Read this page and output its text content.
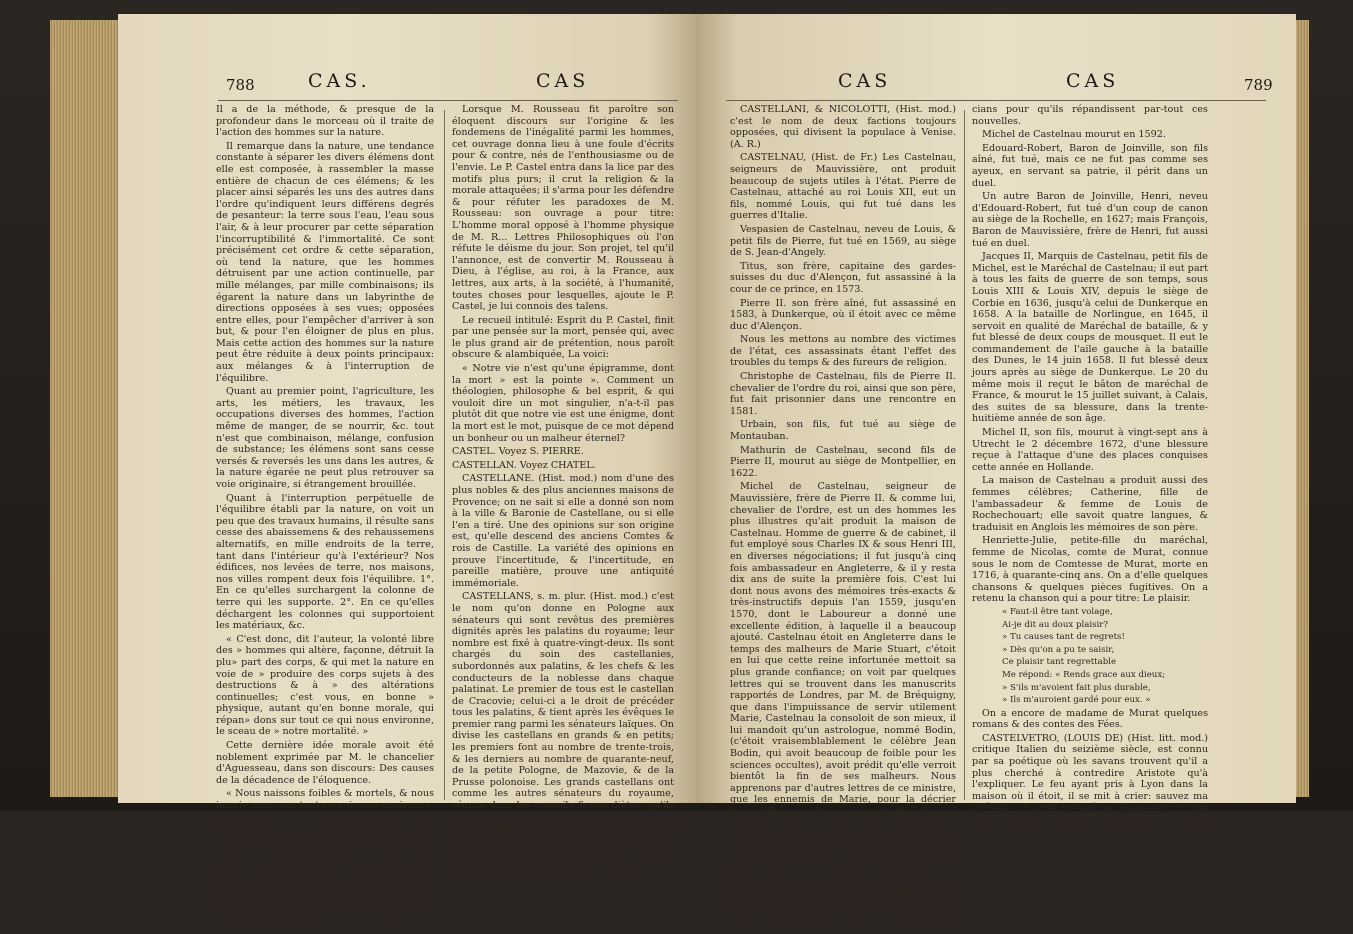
788	CAS.	CAS

Il a de la méthode, & presque de la profondeur dans le morceau où il traite de l'action des hommes sur la nature.

Il remarque dans la nature, une tendance constante à séparer les divers élémens dont elle est composée, à rassembler la masse entière de chacun de ces élémens; & les placer ainsi séparés les uns des autres dans l'ordre qu'indiquent leurs différens degrés de pesanteur: la terre sous l'eau, l'eau sous l'air, & à leur procurer par cette séparation l'incorruptibilité & l'immortalité. Ce sont précisément cet ordre & cette séparation, où tend la nature, que les hommes détruisent par une action continuelle, par mille mélanges, par mille combinaisons; ils égarent la nature dans un labyrinthe de directions opposées à ses vues; opposées entre elles, pour l'empêcher d'arriver à son but, & pour l'en éloigner de plus en plus. Mais cette action des hommes sur la nature peut être réduite à deux points principaux: aux mélanges & à l'interruption de l'équilibre.

Quant au premier point, l'agriculture, les arts, les métiers, les travaux, les occupations diverses des hommes, l'action même de manger, de se nourrir, &c. tout n'est que combinaison, mélange, confusion de substance; les élémens sont sans cesse versés & reversés les uns dans les autres, & la nature égarée ne peut plus retrouver sa voie originaire, si étrangement brouillée.

Quant à l'interruption perpétuelle de l'équilibre établi par la nature, on voit un peu que des travaux humains, il résulte sans cesse des abaissemens & des rehaussemens alternatifs, en mille endroits de la terre, tant dans l'intérieur qu'à l'extérieur? Nos édifices, nos levées de terre, nos maisons, nos villes rompent deux fois l'équilibre. 1°. En ce qu'elles surchargent la colonne de terre qui les supporte. 2°. En ce qu'elles déchargent les colonnes qui supportoient les matériaux, &c.

« C'est donc, dit l'auteur, la volonté libre des » hommes qui altère, façonne, détruit la plu» part des corps, & qui met la nature en voie de » produire des corps sujets à des destructions & à » des altérations continuelles; c'est vous, en bonne » physique, autant qu'en bonne morale, qui répan» dons sur tout ce qui nous environne, le sceau de » notre mortalité. »

Cette dernière idée morale avoit été noblement exprimée par M. le chancelier d'Aguesseau, dans son discours: Des causes de la décadence de l'éloquence.

« Nous naissons foibles & mortels, & nous impri» mons sur tout ce qui nous environne, le caractère de notre foiblesse & l'image de notre mort.

Dans un parallèle de Bayle & de M. Rousseau de Genève, le P. Castel dit, que Bayle va à l'esprit par le cœur, & que Rousseau va au cœur par l'esprit. On ne peut guère plus mal caractériser ces deux écrivains; Bayle ne dit rien & ne veut rien dire au cœur, & Rousseau parle à la fois & au cœur & à l'esprit.

Lorsque M. Rousseau fit paroître son éloquent discours sur l'origine & les fondemens de l'inégalité parmi les hommes, cet ouvrage donna lieu à une foule d'écrits pour & contre, nés de l'enthousiasme ou de l'envie. Le P. Castel entra dans la lice par des motifs plus purs; il crut la religion & la morale attaquées; il s'arma pour les défendre & pour réfuter les paradoxes de M. Rousseau: son ouvrage a pour titre: L'homme moral opposé à l'homme physique de M. R... Lettres Philosophiques où l'on réfute le déisme du jour. Son projet, tel qu'il l'annonce, est de convertir M. Rousseau à Dieu, à l'église, au roi, à la France, aux lettres, aux arts, à la société, à l'humanité, toutes choses pour lesquelles, ajoute le P. Castel, je lui connois des talens.

Le recueil intitulé: Esprit du P. Castel, finit par une pensée sur la mort, pensée qui, avec le plus grand air de prétention, nous paroît obscure & alambiquée, La voici:

« Notre vie n'est qu'une épigramme, dont la mort » est la pointe ». Comment un théologien, philosophe & bel esprit, & qui vouloit dire un mot singulier, n'a-t-il pas plutôt dit que notre vie est une énigme, dont la mort est le mot, puisque de ce mot dépend un bonheur ou un malheur éternel?

CASTEL. Voyez S. PIERRE.

CASTELLAN. Voyez CHATEL.

CASTELLANE. (Hist. mod.) nom d'une des plus nobles & des plus anciennes maisons de Provence; on ne sait si elle a donné son nom à la ville & Baronie de Castellane, ou si elle l'en a tiré. Une des opinions sur son origine est, qu'elle descend des anciens Comtes & rois de Castille. La variété des opinions en prouve l'incertitude, & l'incertitude, en pareille matière, prouve une antiquité immémoriale.

CASTELLANS, s. m. plur. (Hist. mod.) c'est le nom qu'on donne en Pologne aux sénateurs qui sont revêtus des premières dignités après les palatins du royaume; leur nombre est fixé à quatre-vingt-deux. Ils sont chargés du soin des castellanies, subordonnés aux palatins, & les chefs & les conducteurs de la noblesse dans chaque palatinat. Le premier de tous est le castellan de Cracovie; celui-ci a le droit de précéder tous les palatins, & tient après les évêques le premier rang parmi les sénateurs laïques. On divise les castellans en grands & en petits; les premiers font au nombre de trente-trois, & les derniers au nombre de quarante-neuf, de la petite Pologne, de Mazovie, & de la Prusse polonoise. Les grands castellans ont comme les autres sénateurs du royaume, séance dans les conseils & aux diètes, qu'ils ont le droit de convoquer; ils administrent la justice dans leurs districts, ont l'intendance sur les poids & mesures, fixent le prix des grains & denrées, & font les juges des Juifs. Mais les petits castellans n'ont ni séance, ni voix délibérative dans les affaires d'état.

CAS	CAS	789

CASTELLANI, & NICOLOTTI, (Hist. mod.) c'est le nom de deux factions toujours opposées, qui divisent la populace à Venise. (A. R.)

CASTELNAU, (Hist. de Fr.) Les Castelnau, seigneurs de Mauvissière, ont produit beaucoup de sujets utiles à l'état. Pierre de Castelnau, attaché au roi Louis XII, eut un fils, nommé Louis, qui fut tué dans les guerres d'Italie.

Vespasien de Castelnau, neveu de Louis, & petit fils de Pierre, fut tué en 1569, au siège de S. Jean-d'Angely.

Titus, son frère, capitaine des gardes-suisses du duc d'Alençon, fut assassiné à la cour de ce prince, en 1573.

Pierre II. son frère aîné, fut assassiné en 1583, à Dunkerque, où il étoit avec ce même duc d'Alençon.

Nous les mettons au nombre des victimes de l'état, ces assassinats étant l'effet des troubles du temps & des fureurs de religion.

Christophe de Castelnau, fils de Pierre II. chevalier de l'ordre du roi, ainsi que son père, fut fait prisonnier dans une rencontre en 1581.

Urbain, son fils, fut tué au siège de Montauban.

Mathurin de Castelnau, second fils de Pierre II, mourut au siège de Montpellier, en 1622.

Michel de Castelnau, seigneur de Mauvissière, frère de Pierre II. & comme lui, chevalier de l'ordre, est un des hommes les plus illustres qu'ait produit la maison de Castelnau. Homme de guerre & de cabinet, il fut employé sous Charles IX & sous Henri III, en diverses négociations; il fut jusqu'à cinq fois ambassadeur en Angleterre, & il y resta dix ans de suite la première fois. C'est lui dont nous avons des mémoires très-exacts & très-instructifs depuis l'an 1559, jusqu'en 1570, dont le Laboureur a donné une excellente édition, à laquelle il a beaucoup ajouté. Castelnau étoit en Angleterre dans le temps des malheurs de Marie Stuart, c'étoit en lui que cette reine infortunée mettoit sa plus grande confiance; on voit par quelques lettres qui se trouvent dans les manuscrits rapportés de Londres, par M. de Bréquigny, que dans l'impuissance de servir utilement Marie, Castelnau la consoloit de son mieux, il lui mandoit qu'un astrologue, nommé Bodin, (c'étoit vraisemblablement le célèbre Jean Bodin, qui avoit beaucoup de foible pour les sciences occultes), avoit prédit qu'elle verroit bientôt la fin de ses malheurs. Nous apprenons par d'autres lettres de ce ministre, que les ennemis de Marie, pour la décrier dans l'Europe, & lui faire perdre l'appui même des puissances catholiques, répandoient contre elles les calomnies les plus atroces & les plus indécentes; ils publioient tantôt qu'elle étoit grosse, tantôt qu'elle venoit d'accoucher. Castelnau atteste que ces propos avoient été tenus à l'ambassadeur d'Espagne & à l'archevêque de S. André, qui lui en avoient parlé à lui-même on les avoit tenus aussi aux banquiers & négo-

cians pour qu'ils répandissent par-tout ces nouvelles.

Michel de Castelnau mourut en 1592.

Edouard-Robert, Baron de Joinville, son fils aîné, fut tué, mais ce ne fut pas comme ses ayeux, en servant sa patrie, il périt dans un duel.

Un autre Baron de Joinville, Henri, neveu d'Edouard-Robert, fut tué d'un coup de canon au siège de la Rochelle, en 1627; mais François, Baron de Mauvissière, frère de Henri, fut aussi tué en duel.

Jacques II, Marquis de Castelnau, petit fils de Michel, est le Maréchal de Castelnau; il eut part à tous les faits de guerre de son temps, sous Louis XIII & Louis XIV, depuis le siège de Corbie en 1636, jusqu'à celui de Dunkerque en 1658. A la bataille de Norlingue, en 1645, il servoit en qualité de Maréchal de bataille, & y fut blessé de deux coups de mousquet. Il eut le commandement de l'aile gauche à la bataille des Dunes, le 14 juin 1658. Il fut blessé deux jours après au siège de Dunkerque. Le 20 du même mois il reçut le bâton de maréchal de France, & mourut le 15 juillet suivant, à Calais, des suites de sa blessure, dans la trente-huitième année de son âge.

Michel II, son fils, mourut à vingt-sept ans à Utrecht le 2 décembre 1672, d'une blessure reçue à l'attaque d'une des places conquises cette année en Hollande.

La maison de Castelnau a produit aussi des femmes célèbres; Catherine, fille de l'ambassadeur & femme de Louis de Rochechouart; elle savoit quatre langues, & traduisit en Anglois les mémoires de son père.

Henriette-Julie, petite-fille du maréchal, femme de Nicolas, comte de Murat, connue sous le nom de Comtesse de Murat, morte en 1716, à quarante-cinq ans. On a d'elle quelques chansons & quelques pièces fugitives. On a retenu la chanson qui a pour titre: Le plaisir.

« Faut-il être tant volage,

Ai-je dit au doux plaisir?

» Tu causes tant de regrets!

» Dès qu'on a pu te saisir,

Ce plaisir tant regrettable

Me répond: « Rends grace aux dieux;

» S'ils m'avoient fait plus durable,

» Ils m'auroient gardé pour eux. »

On a encore de madame de Murat quelques romans & des contes des Fées.

CASTELVETRO, (LOUIS DE) (Hist. litt. mod.) critique Italien du seizième siècle, est connu par sa poétique où les savans trouvent qu'il a plus cherché à contredire Aristote qu'à l'expliquer. Le feu ayant pris à Lyon dans la maison où il étoit, il se mit à crier: sauvez ma poétique. Il avoit voyagé en Allemagne; ce qui étoit suspect alors en Italie à cause du Luthéranisme. De retour à Modène fa
